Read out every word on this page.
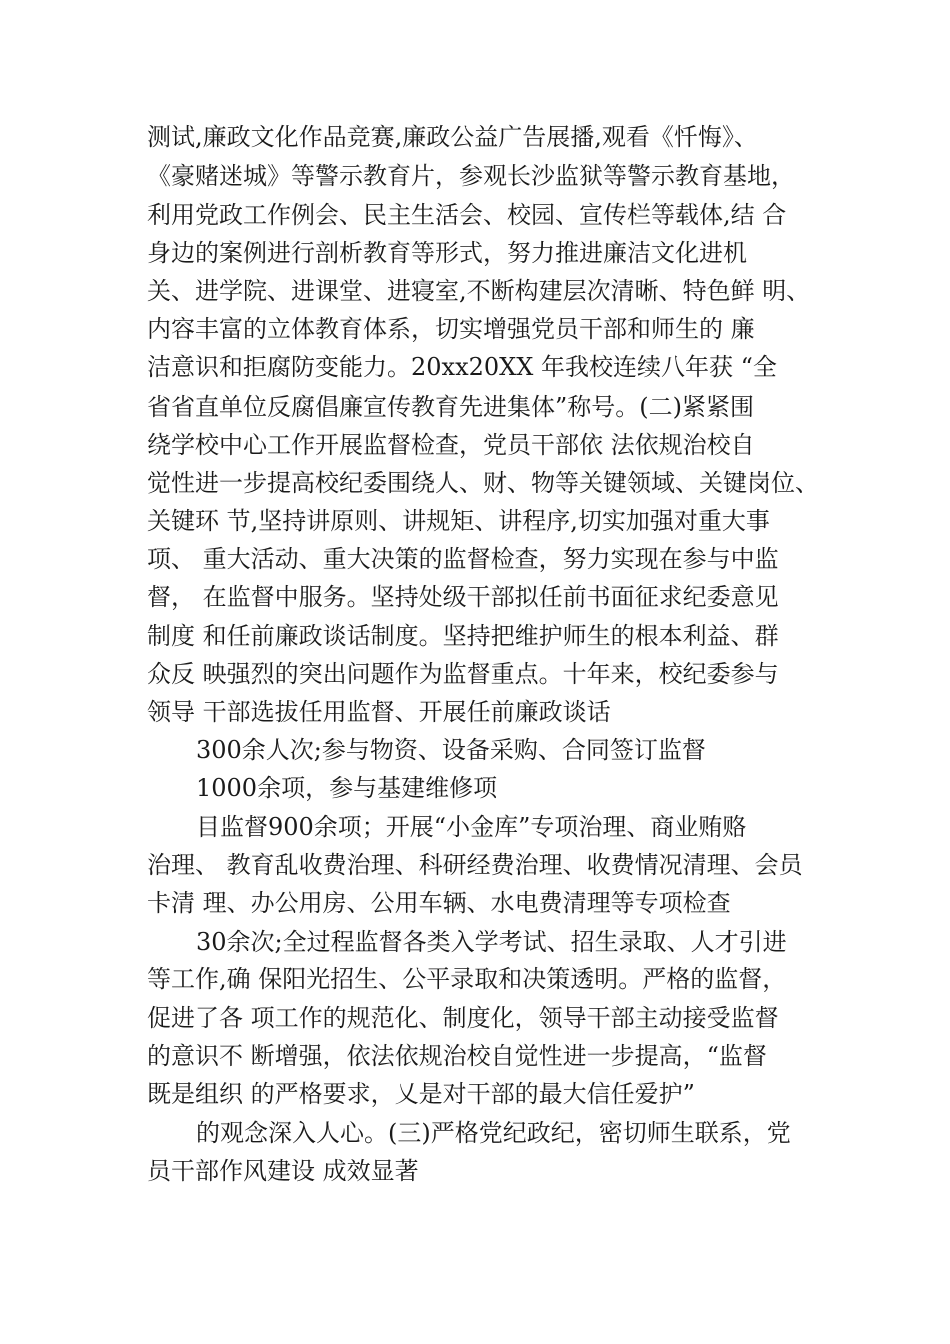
测试,廉政文化作品竞赛,廉政公益广告展播,观看《忏悔》、

《豪赌迷城》等警示教育片，参观长沙监狱等警示教育基地，

利用党政工作例会、民主生活会、校园、宣传栏等载体,结 合

身边的案例进行剖析教育等形式，努力推进廉洁文化进机

关、进学院、进课堂、进寝室,不断构建层次清晰、特色鲜 明、

内容丰富的立体教育体系，切实增强党员干部和师生的 廉

洁意识和拒腐防变能力。20xx20XX 年我校连续八年获 “全

省省直单位反腐倡廉宣传教育先进集体”称号。(二)紧紧围

绕学校中心工作开展监督检查，党员干部依 法依规治校自

觉性进一步提高校纪委围绕人、财、物等关键领域、关键岗位、

关键环 节,坚持讲原则、讲规矩、讲程序,切实加强对重大事

项、 重大活动、重大决策的监督检查，努力实现在参与中监

督， 在监督中服务。坚持处级干部拟任前书面征求纪委意见

制度 和任前廉政谈话制度。坚持把维护师生的根本利益、群

众反 映强烈的突出问题作为监督重点。十年来，校纪委参与

领导 干部选拔任用监督、开展任前廉政谈话

300余人次;参与物资、设备采购、合同签订监督

1000余项，参与基建维修项

目监督900余项；开展“小金库”专项治理、商业贿赂

治理、 教育乱收费治理、科研经费治理、收费情况清理、会员

卡清 理、办公用房、公用车辆、水电费清理等专项检查

30余次;全过程监督各类入学考试、招生录取、人才引进

等工作,确 保阳光招生、公平录取和决策透明。严格的监督，

促进了各 项工作的规范化、制度化，领导干部主动接受监督

的意识不 断增强，依法依规治校自觉性进一步提高，“监督

既是组织 的严格要求，乂是对干部的最大信任爱护”

的观念深入人心。(三)严格党纪政纪，密切师生联系，党

员干部作风建设 成效显著
